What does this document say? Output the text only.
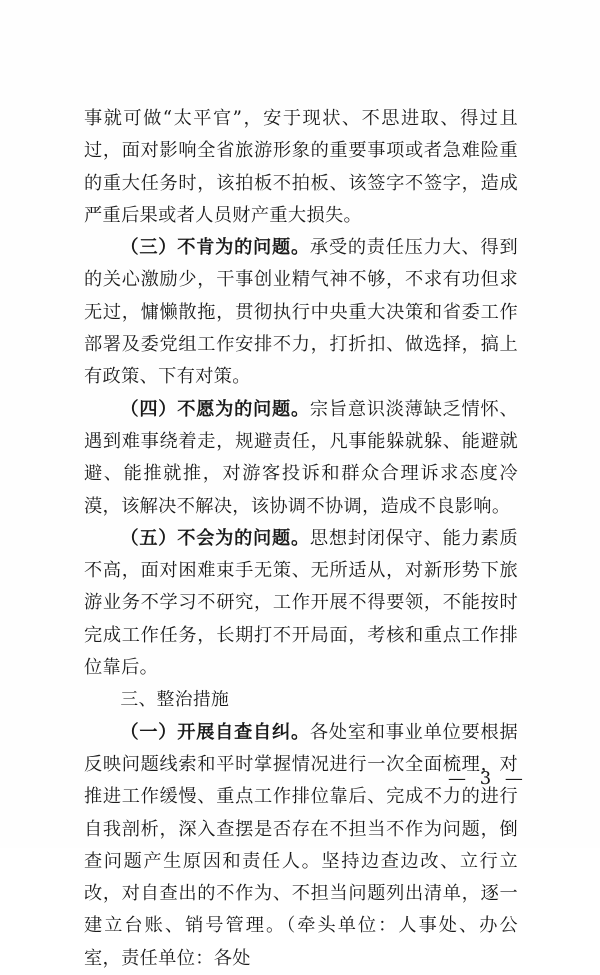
事就可做“太平官”，安于现状、不思进取、得过且过，面对影响全省旅游形象的重要事项或者急难险重的重大任务时，该拍板不拍板、该签字不签字，造成严重后果或者人员财产重大损失。

（三）不肯为的问题。承受的责任压力大、得到的关心激励少，干事创业精气神不够，不求有功但求无过，慵懒散拖，贯彻执行中央重大决策和省委工作部署及委党组工作安排不力，打折扣、做选择，搞上有政策、下有对策。

（四）不愿为的问题。宗旨意识淡薄缺乏情怀、遇到难事绕着走，规避责任，凡事能躲就躲、能避就避、能推就推，对游客投诉和群众合理诉求态度冷漠，该解决不解决，该协调不协调，造成不良影响。

（五）不会为的问题。思想封闭保守、能力素质不高，面对困难束手无策、无所适从，对新形势下旅游业务不学习不研究，工作开展不得要领，不能按时完成工作任务，长期打不开局面，考核和重点工作排位靠后。

三、整治措施

（一）开展自查自纠。各处室和事业单位要根据反映问题线索和平时掌握情况进行一次全面梳理，对推进工作缓慢、重点工作排位靠后、完成不力的进行自我剖析，深入查摆是否存在不担当不作为问题，倒查问题产生原因和责任人。坚持边查边改、立行立改，对自查出的不作为、不担当问题列出清单，逐一建立台账、销号管理。（牵头单位：人事处、办公室，责任单位：各处

— 3 —
